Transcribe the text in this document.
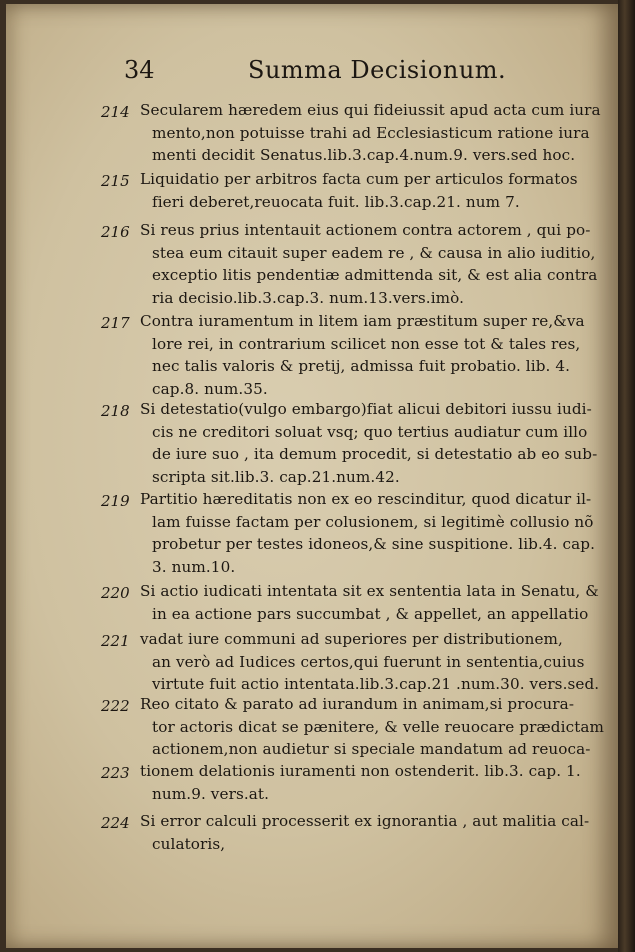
34	Summa Decisionum.
214 Secularem hæredem eius qui fideiussit apud acta cum iura
mento,non potuisse trahi ad Ecclesiasticum ratione iura
menti decidit Senatus.lib.3.cap.4.num.9. vers.sed hoc.
215 Liquidatio per arbitros facta cum per articulos formatos
fieri deberet,reuocata fuit. lib.3.cap.21. num 7.
216 Si reus prius intentauit actionem contra actorem , qui po-
stea eum citauit super eadem re , & causa in alio iuditio,
exceptio litis pendentiæ admittenda sit, & est alia contra
ria decisio.lib.3.cap.3. num.13.vers.imò.
217 Contra iuramentum in litem iam præstitum super re,&va
lore rei, in contrarium scilicet non esse tot & tales res,
nec talis valoris & pretij, admissa fuit probatio. lib. 4.
cap.8. num.35.
218 Si detestatio(vulgo embargo)fiat alicui debitori iussu iudi-
cis ne creditori soluat vsq; quo tertius audiatur cum illo
de iure suo , ita demum procedit, si detestatio ab eo sub-
scripta sit.lib.3. cap.21.num.42.
219 Partitio hæreditatis non ex eo rescinditur, quod dicatur il-
lam fuisse factam per colusionem, si legitimè collusio nõ
probetur per testes idoneos,& sine suspitione. lib.4. cap.
3. num.10.
220 Si actio iudicati intentata sit ex sententia lata in Senatu, &
in ea actione pars succumbat , & appellet, an appellatio
221 vadat iure communi ad superiores per distributionem,
an verò ad Iudices certos,qui fuerunt in sententia,cuius
virtute fuit actio intentata.lib.3.cap.21 .num.30. vers.sed.
222 Reo citato & parato ad iurandum in animam,si procura-
tor actoris dicat se pænitere, & velle reuocare prædictam
actionem,non audietur si speciale mandatum ad reuoca-
223 tionem delationis iuramenti non ostenderit. lib.3. cap. 1.
num.9. vers.at.
224 Si error calculi processerit ex ignorantia , aut malitia cal-
culatoris,
